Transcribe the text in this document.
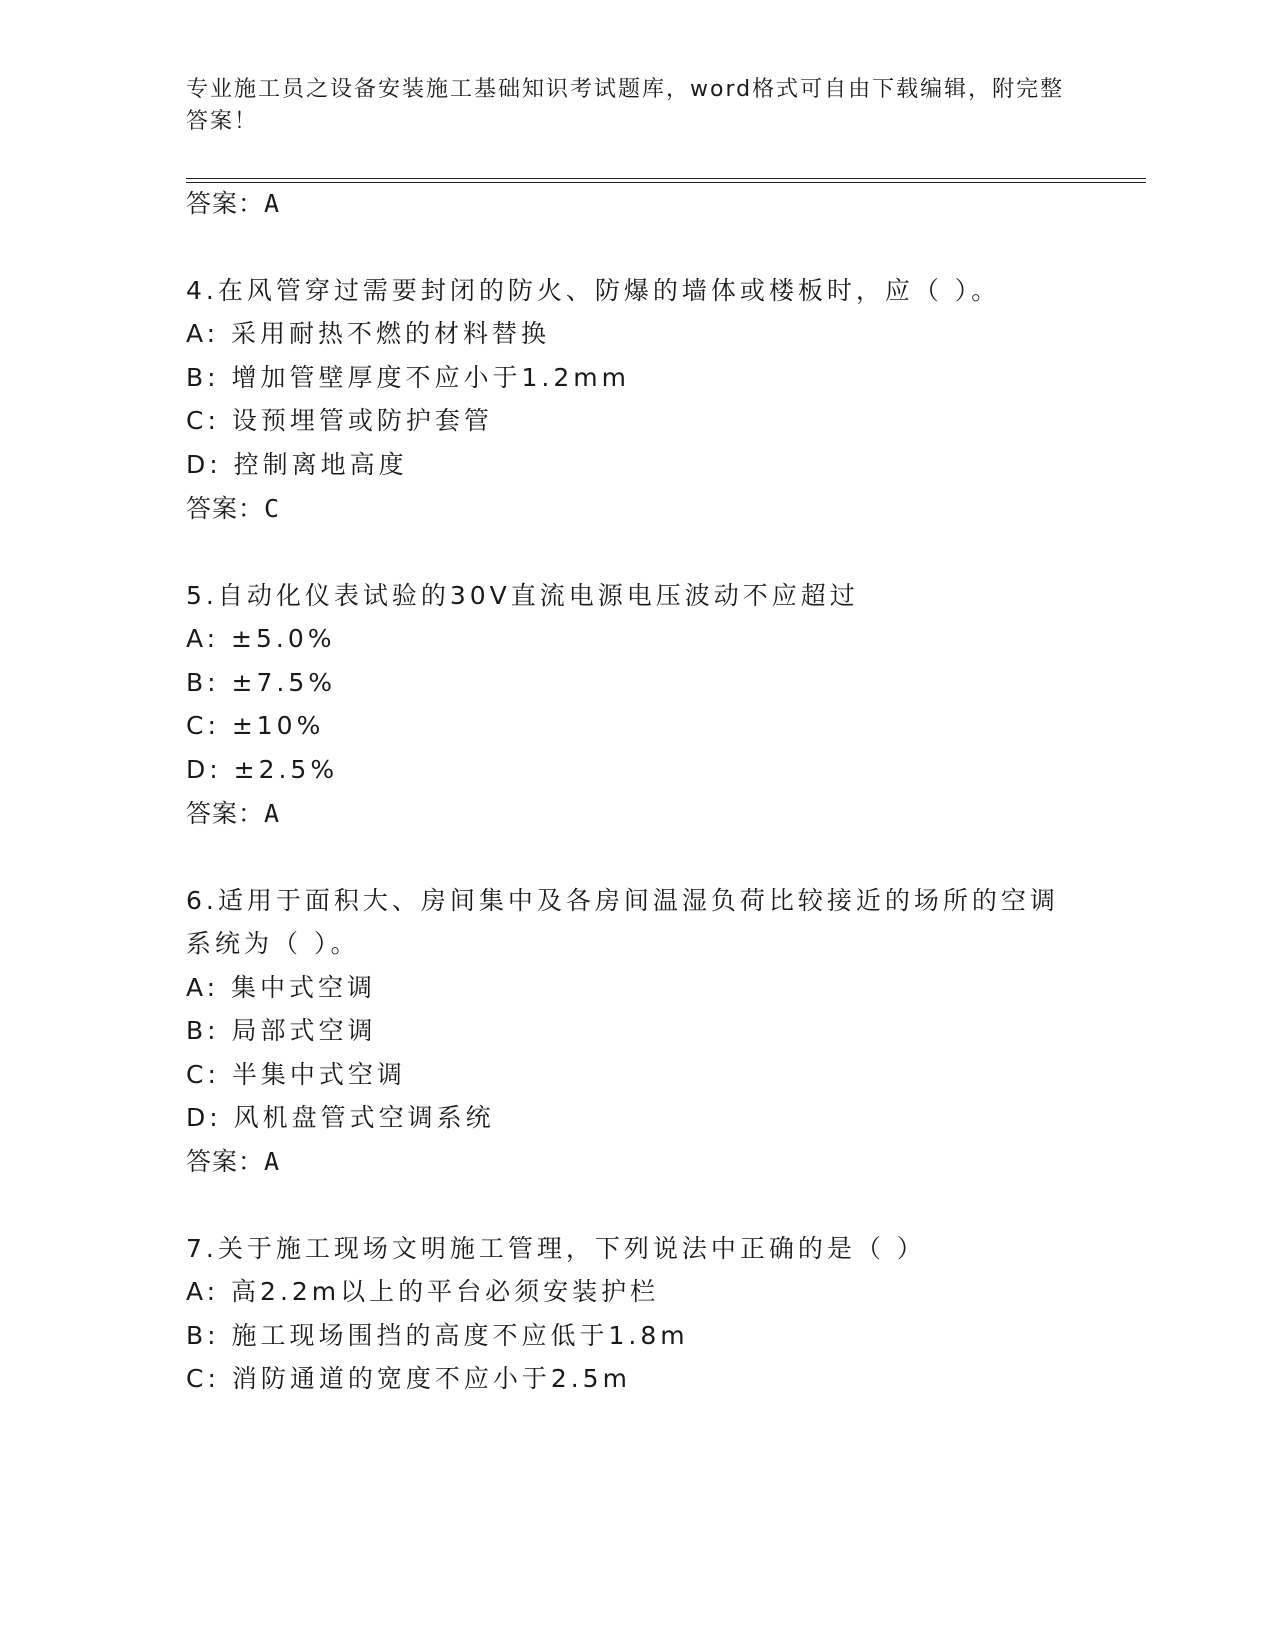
专业施工员之设备安装施工基础知识考试题库，word格式可自由下载编辑，附完整答案！
答案：A
4.在风管穿过需要封闭的防火、防爆的墙体或楼板时，应（ ）。
A: 采用耐热不燃的材料替换
B: 增加管壁厚度不应小于1.2mm
C: 设预埋管或防护套管
D: 控制离地高度
答案：C
5.自动化仪表试验的30V直流电源电压波动不应超过
A: ±5.0%
B: ±7.5%
C: ±10%
D: ±2.5%
答案：A
6.适用于面积大、房间集中及各房间温湿负荷比较接近的场所的空调
系统为（ ）。
A: 集中式空调
B: 局部式空调
C: 半集中式空调
D: 风机盘管式空调系统
答案：A
7.关于施工现场文明施工管理，下列说法中正确的是（ ）
A: 高2.2m以上的平台必须安装护栏
B: 施工现场围挡的高度不应低于1.8m
C: 消防通道的宽度不应小于2.5m
